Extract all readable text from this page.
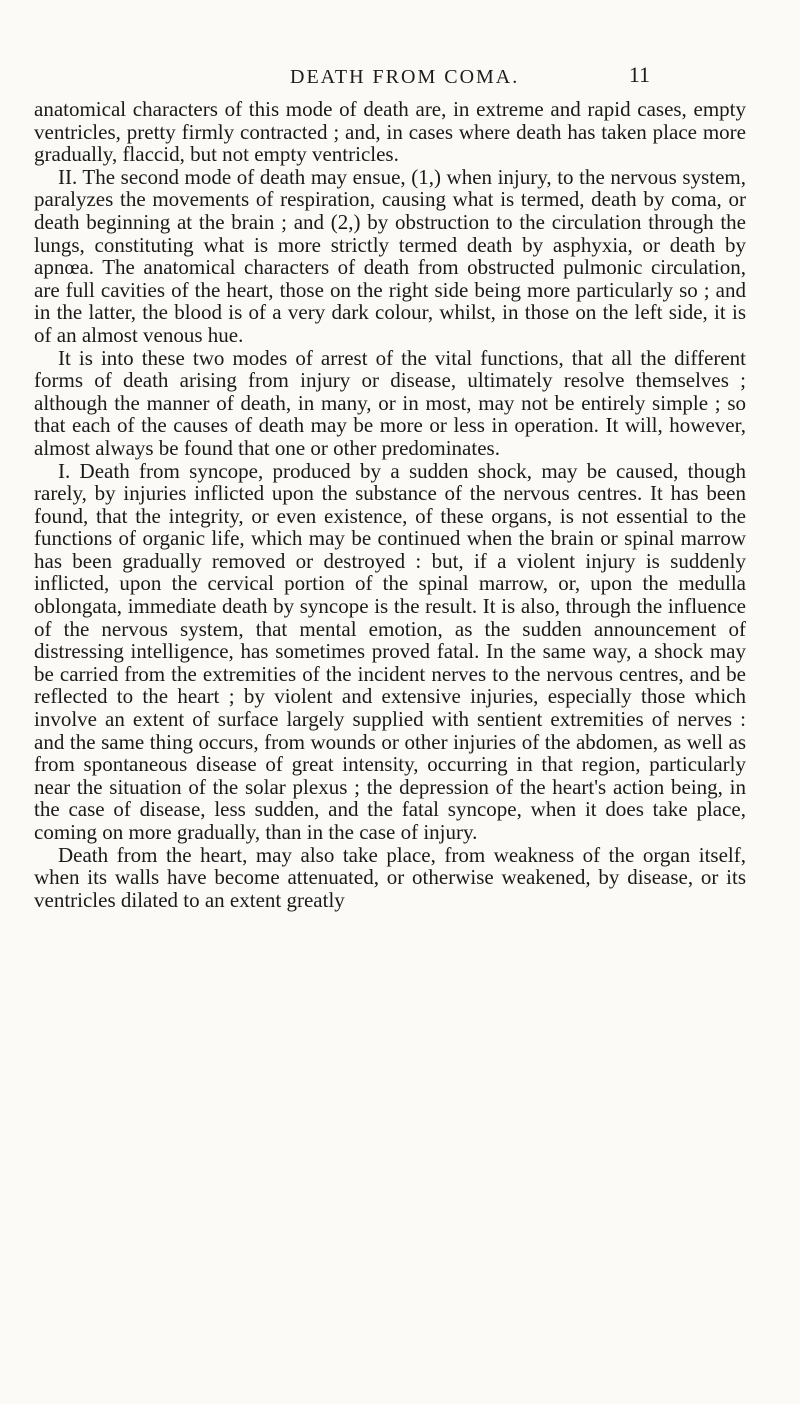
DEATH FROM COMA.	11

anatomical characters of this mode of death are, in extreme and rapid cases, empty ventricles, pretty firmly contracted ; and, in cases where death has taken place more gradually, flaccid, but not empty ventricles.

II. The second mode of death may ensue, (1,) when injury, to the nervous system, paralyzes the movements of respiration, causing what is termed, death by coma, or death beginning at the brain ; and (2,) by obstruction to the circulation through the lungs, constituting what is more strictly termed death by asphyxia, or death by apnœa. The anatomical characters of death from obstructed pulmonic circulation, are full cavities of the heart, those on the right side being more particularly so ; and in the latter, the blood is of a very dark colour, whilst, in those on the left side, it is of an almost venous hue.

It is into these two modes of arrest of the vital functions, that all the different forms of death arising from injury or disease, ultimately resolve themselves ; although the manner of death, in many, or in most, may not be entirely simple ; so that each of the causes of death may be more or less in operation. It will, however, almost always be found that one or other predominates.

I. Death from syncope, produced by a sudden shock, may be caused, though rarely, by injuries inflicted upon the substance of the nervous centres. It has been found, that the integrity, or even existence, of these organs, is not essential to the functions of organic life, which may be continued when the brain or spinal marrow has been gradually removed or destroyed : but, if a violent injury is suddenly inflicted, upon the cervical portion of the spinal marrow, or, upon the medulla oblongata, immediate death by syncope is the result. It is also, through the influence of the nervous system, that mental emotion, as the sudden announcement of distressing intelligence, has sometimes proved fatal. In the same way, a shock may be carried from the extremities of the incident nerves to the nervous centres, and be reflected to the heart ; by violent and extensive injuries, especially those which involve an extent of surface largely supplied with sentient extremities of nerves : and the same thing occurs, from wounds or other injuries of the abdomen, as well as from spontaneous disease of great intensity, occurring in that region, particularly near the situation of the solar plexus ; the depression of the heart's action being, in the case of disease, less sudden, and the fatal syncope, when it does take place, coming on more gradually, than in the case of injury.

Death from the heart, may also take place, from weakness of the organ itself, when its walls have become attenuated, or otherwise weakened, by disease, or its ventricles dilated to an extent greatly
